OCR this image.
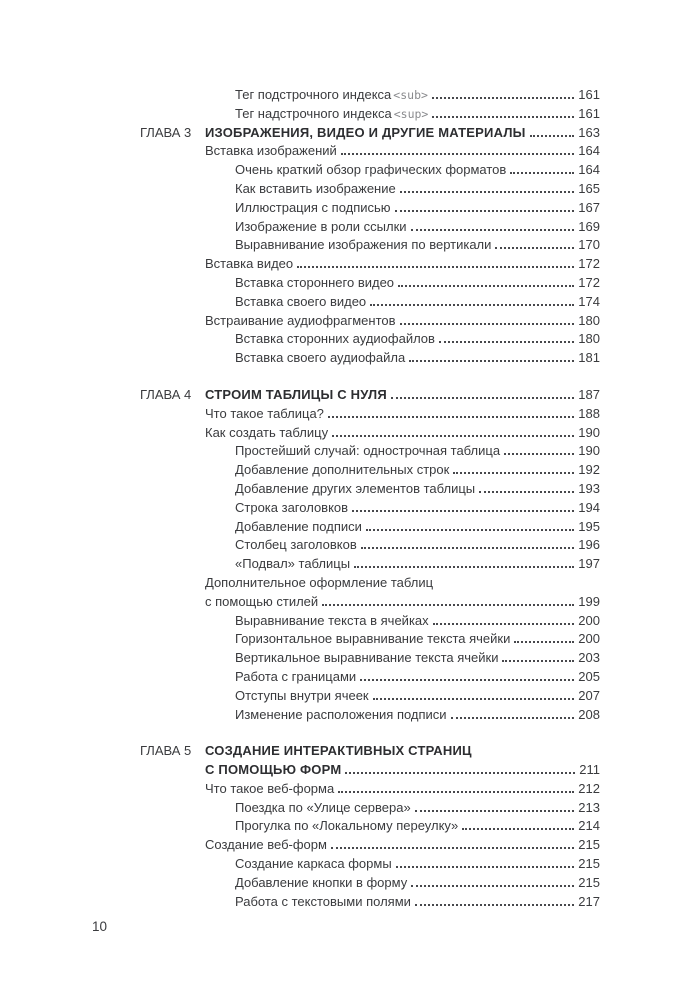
Тег подстрочного индекса <sub>	161
Тег надстрочного индекса <sup>	161
ГЛАВА 3	ИЗОБРАЖЕНИЯ, ВИДЕО И ДРУГИЕ МАТЕРИАЛЫ	163
Вставка изображений	164
Очень краткий обзор графических форматов	164
Как вставить изображение	165
Иллюстрация с подписью	167
Изображение в роли ссылки	169
Выравнивание изображения по вертикали	170
Вставка видео	172
Вставка стороннего видео	172
Вставка своего видео	174
Встраивание аудиофрагментов	180
Вставка сторонних аудиофайлов	180
Вставка своего аудиофайла	181
ГЛАВА 4	СТРОИМ ТАБЛИЦЫ С НУЛЯ	187
Что такое таблица?	188
Как создать таблицу	190
Простейший случай: однострочная таблица	190
Добавление дополнительных строк	192
Добавление других элементов таблицы	193
Строка заголовков	194
Добавление подписи	195
Столбец заголовков	196
«Подвал» таблицы	197
Дополнительное оформление таблиц
с помощью стилей	199
Выравнивание текста в ячейках	200
Горизонтальное выравнивание текста ячейки	200
Вертикальное выравнивание текста ячейки	203
Работа с границами	205
Отступы внутри ячеек	207
Изменение расположения подписи	208
ГЛАВА 5	СОЗДАНИЕ ИНТЕРАКТИВНЫХ СТРАНИЦ
С ПОМОЩЬЮ ФОРМ	211
Что такое веб-форма	212
Поездка по «Улице сервера»	213
Прогулка по «Локальному переулку»	214
Создание веб-форм	215
Создание каркаса формы	215
Добавление кнопки в форму	215
Работа с текстовыми полями	217
10
